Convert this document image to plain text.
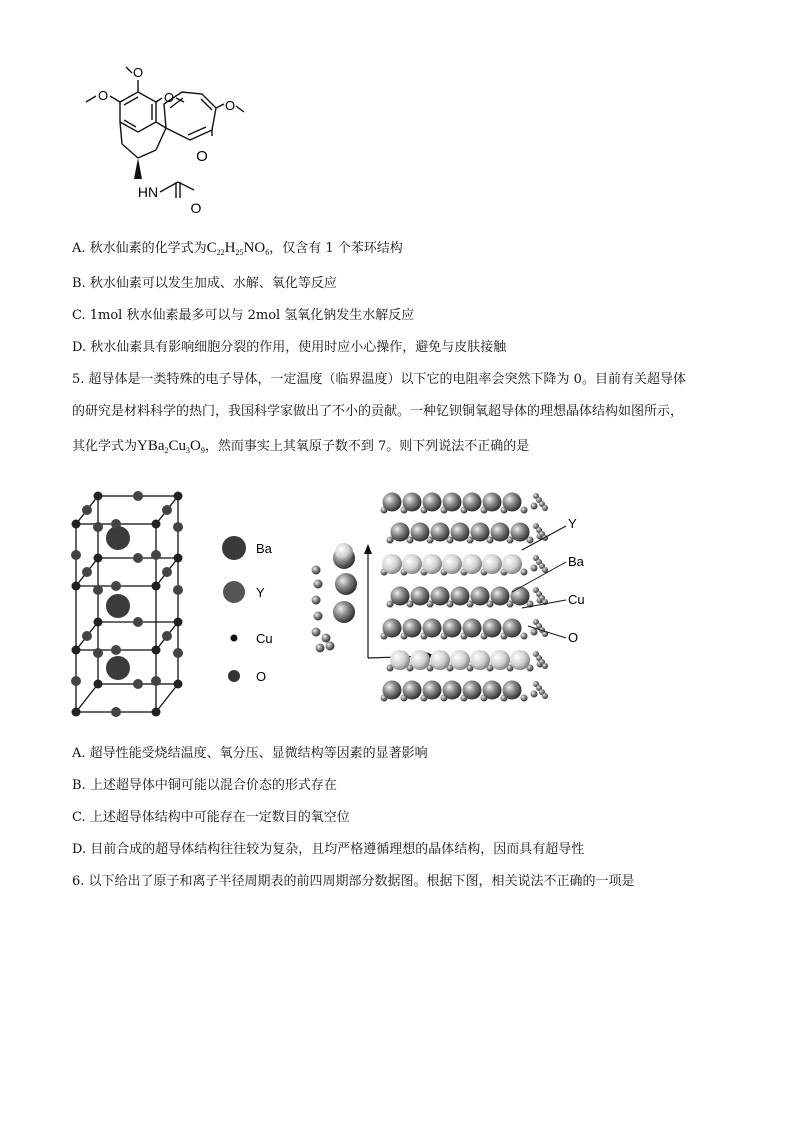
O
O
O
O
O
HN
O
A. 秋水仙素的化学式为$C_{22}H_{25}NO_6$，仅含有 1 个苯环结构
B. 秋水仙素可以发生加成、水解、氧化等反应
C. 1mol 秋水仙素最多可以与 2mol 氢氧化钠发生水解反应
D. 秋水仙素具有影响细胞分裂的作用，使用时应小心操作，避免与皮肤接触
5. 超导体是一类特殊的电子导体，一定温度（临界温度）以下它的电阻率会突然下降为 0。目前有关超导体
的研究是材料科学的热门，我国科学家做出了不小的贡献。一种钇钡铜氧超导体的理想晶体结构如图所示，
其化学式为$YBa_2Cu_3O_9$，然而事实上其氧原子数不到 7。则下列说法不正确的是
Ba
Y
Cu
O
Y
Ba
Cu
O
A. 超导性能受烧结温度、氧分压、显微结构等因素的显著影响
B. 上述超导体中铜可能以混合价态的形式存在
C. 上述超导体结构中可能存在一定数目的氧空位
D. 目前合成的超导体结构往往较为复杂，且均严格遵循理想的晶体结构，因而具有超导性
6. 以下给出了原子和离子半径周期表的前四周期部分数据图。根据下图，相关说法不正确的一项是
